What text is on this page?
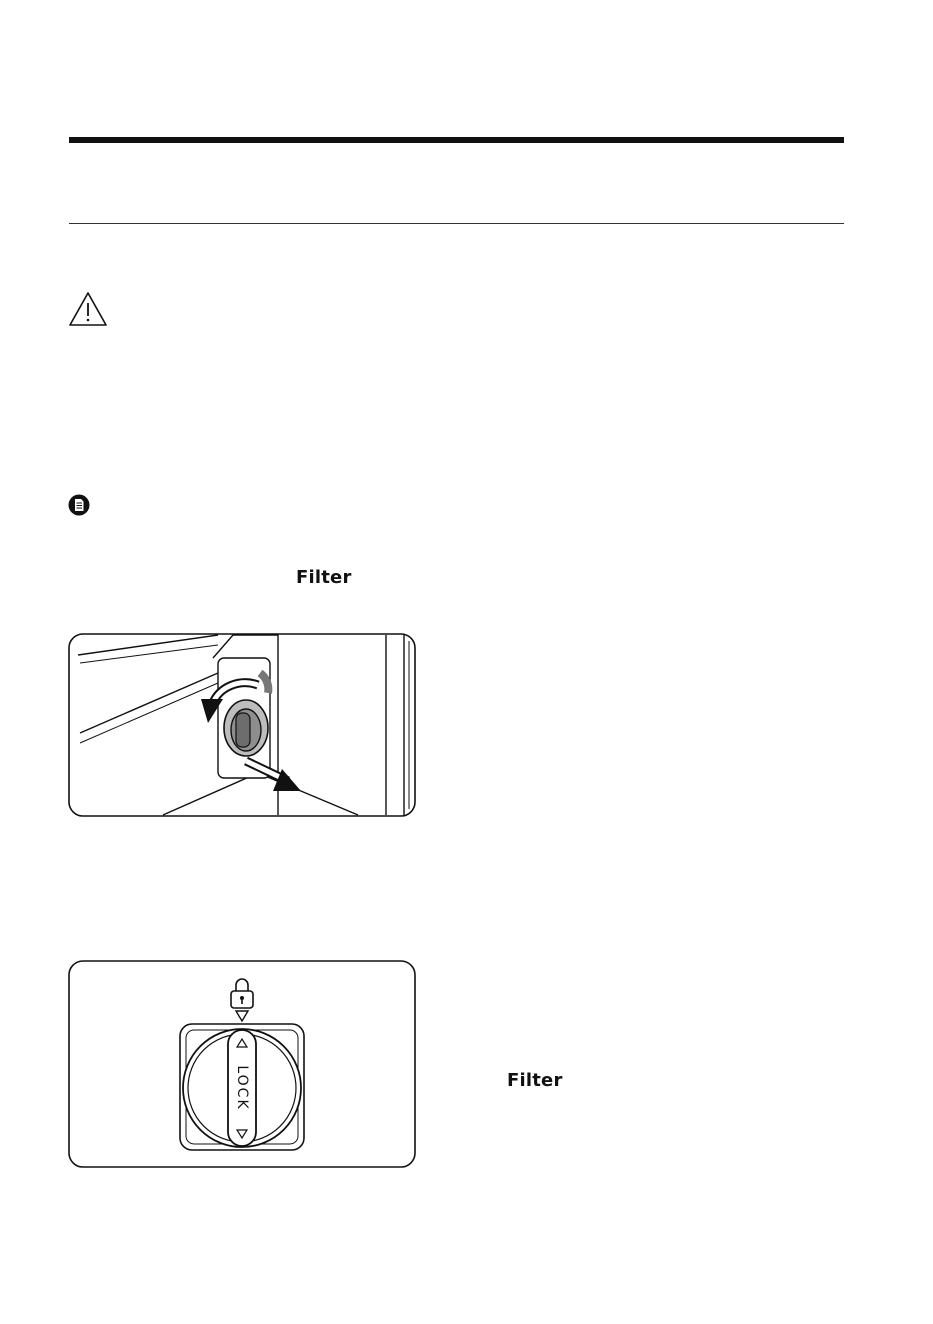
Filter
LOCK	Filter
